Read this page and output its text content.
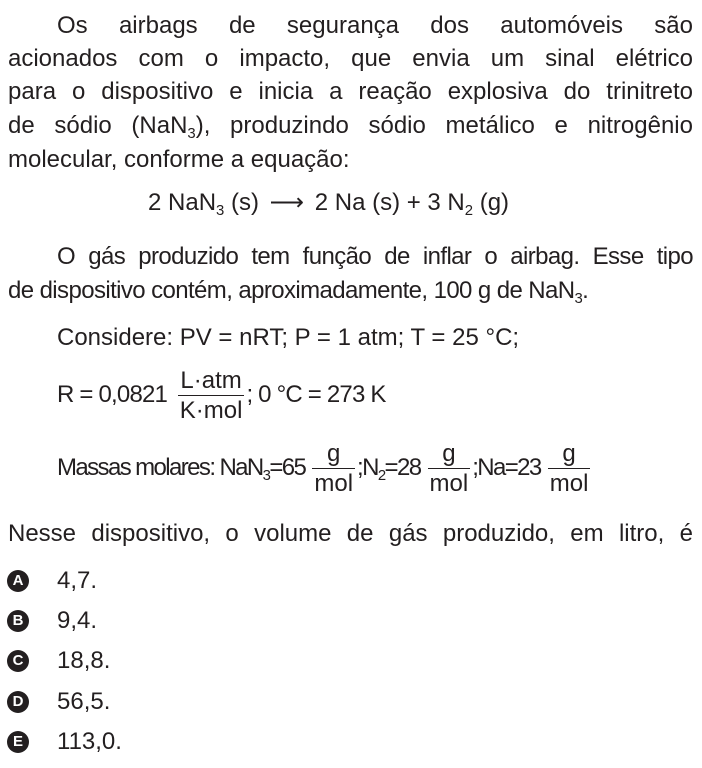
Os airbags de segurança dos automóveis são
acionados com o impacto, que envia um sinal elétrico
para o dispositivo e inicia a reação explosiva do trinitreto
de sódio (NaN$_3$), produzindo sódio metálico e nitrogênio
molecular, conforme a equação:
2 NaN$_3$ (s) ⟶ 2 Na (s) + 3 $N_2$ (g)
O gás produzido tem função de inflar o airbag. Esse tipo
de dispositivo contém, aproximadamente, 100 g de NaN$_3$.
Considere: PV = nRT; P = 1 atm; T = 25 °C;
$R = 0,0821 \frac{\text{L·atm}}{\text{K·mol}}$ ; 0 °C = 273 K
Massas molares: $NaN_3=65 \frac{g}{\text{mol}}$ $;N_2=28 \frac{g}{\text{mol}}$ ;Na=23 $\frac{g}{\text{mol}}$
Nesse dispositivo, o volume de gás produzido, em litro, é
A 4,7.
B 9,4.
C 18,8.
D 56,5.
E 113,0.
